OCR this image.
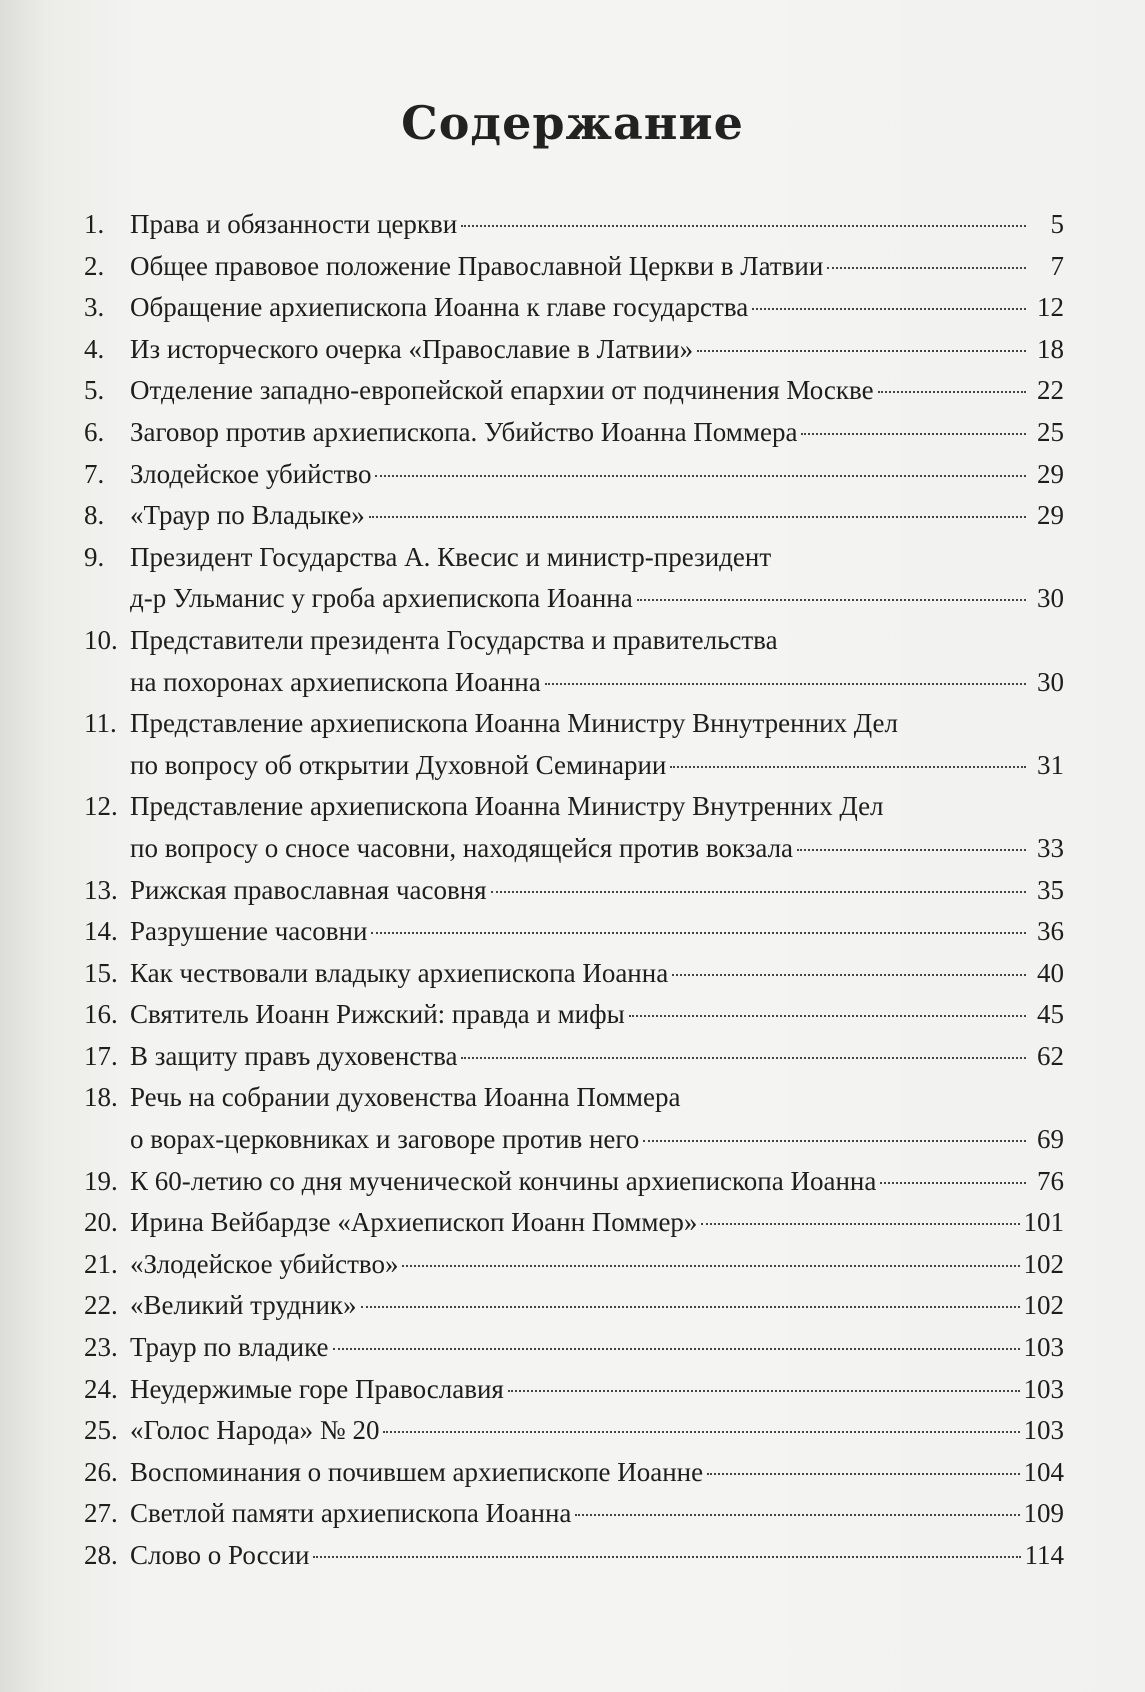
Содержание
1. Права и обязанности церкви	5
2. Общее правовое положение Православной Церкви в Латвии	7
3. Обращение архиепископа Иоанна к главе государства	12
4. Из исторческого очерка «Православие в Латвии»	18
5. Отделение западно-европейской епархии от подчинения Москве	22
6. Заговор против архиепископа. Убийство Иоанна Поммера	25
7. Злодейское убийство	29
8. «Траур по Владыке»	29
9. Президент Государства А. Квесис и министр-президент
д-р Ульманис у гроба архиепископа Иоанна	30
10. Представители президента Государства и правительства
на похоронах архиепископа Иоанна	30
11. Представление архиепископа Иоанна Министру Вннутренних Дел
по вопросу об открытии Духовной Семинарии	31
12. Представление архиепископа Иоанна Министру Внутренних Дел
по вопросу о сносе часовни, находящейся против вокзала	33
13. Рижская православная часовня	35
14. Разрушение часовни	36
15. Как чествовали владыку архиепископа Иоанна	40
16. Святитель Иоанн Рижский: правда и мифы	45
17. В защиту правъ духовенства	62
18. Речь на собрании духовенства Иоанна Поммера
о ворах-церковниках и заговоре против него	69
19. К 60-летию со дня мученической кончины архиепископа Иоанна	76
20. Ирина Вейбардзе «Архиепископ Иоанн Поммер»	101
21. «Злодейское убийство»	102
22. «Великий трудник»	102
23. Траур по владике	103
24. Неудержимые горе Православия	103
25. «Голос Народа» № 20	103
26. Воспоминания о почившем архиепископе Иоанне	104
27. Светлой памяти архиепископа Иоанна	109
28. Слово о России	114
